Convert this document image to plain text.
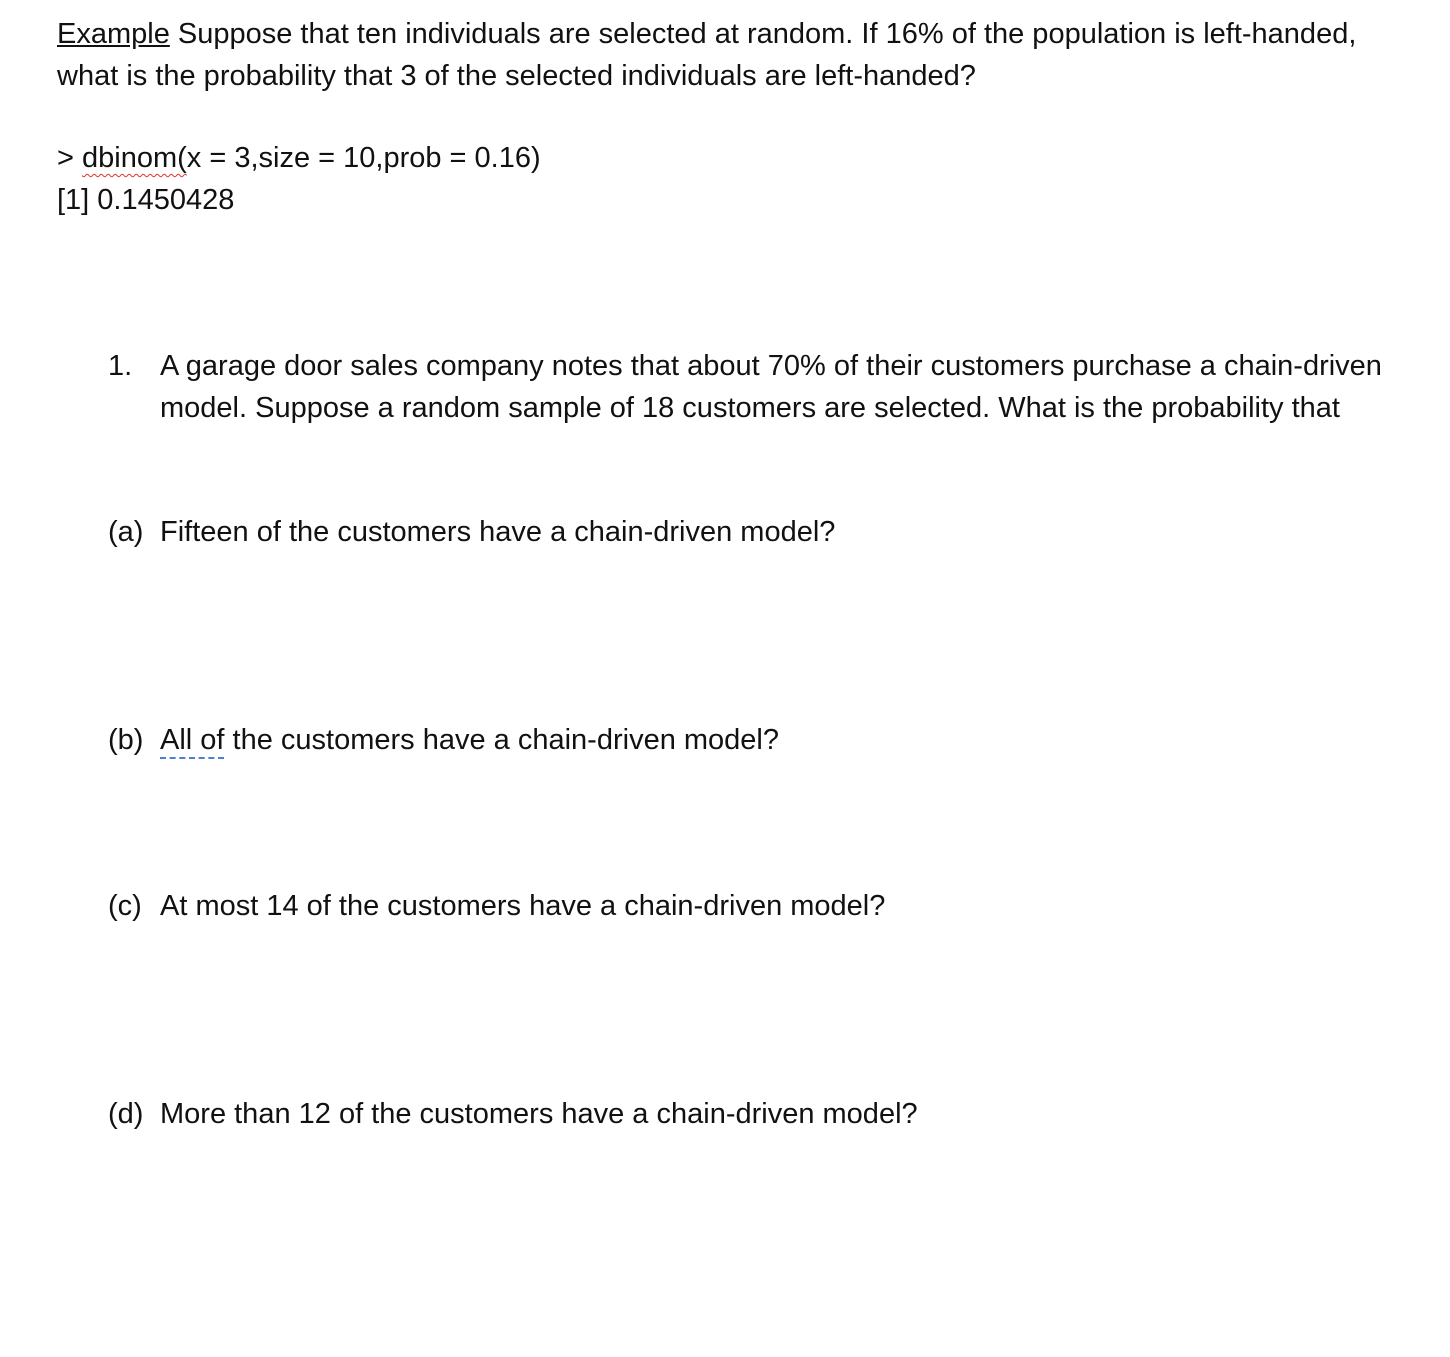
Example Suppose that ten individuals are selected at random. If 16% of the population is left-handed, what is the probability that 3 of the selected individuals are left-handed?

> dbinom(x = 3,size = 10,prob = 0.16)

[1] 0.1450428

1. A garage door sales company notes that about 70% of their customers purchase a chain-driven model. Suppose a random sample of 18 customers are selected. What is the probability that
(a) Fifteen of the customers have a chain-driven model?
(b) All of the customers have a chain-driven model?
(c) At most 14 of the customers have a chain-driven model?
(d) More than 12 of the customers have a chain-driven model?
